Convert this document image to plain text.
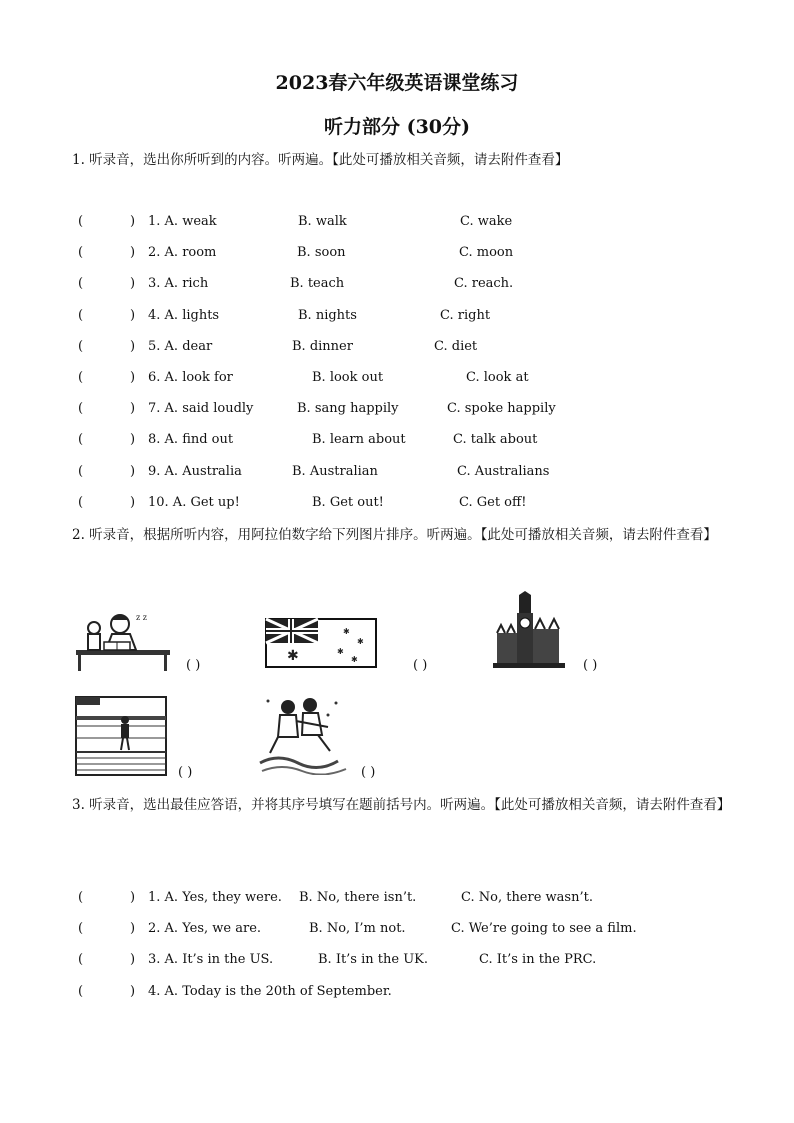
2023春六年级英语课堂练习
听力部分 (30分)
1. 听录音，选出你所听到的内容。听两遍。【此处可播放相关音频，请去附件查看】
(	) 1. A. weak	B. walk	C. wake
(	) 2. A. room	B. soon	C. moon
(	) 3. A. rich	B. teach	C. reach.
(	) 4. A. lights	B. nights	C. right
(	) 5. A. dear	B. dinner	C. diet
(	) 6. A. look for	B. look out	C. look at
(	) 7. A. said loudly	B. sang happily	C. spoke happily
(	) 8. A. find out	B. learn about	C. talk about
(	) 9. A. Australia	B. Australian	C. Australians
(	) 10. A. Get up!	B. Get out!	C. Get off!
2. 听录音，根据所听内容，用阿拉伯数字给下列图片排序。听两遍。【此处可播放相关音频，请去附件查看】
z z
( )
✱
✱
✱
✱
✱	( )	( )
( )	( )
3. 听录音，选出最佳应答语，并将其序号填写在题前括号内。听两遍。【此处可播放相关音频，请去附件查看】
(	) 1. A. Yes, they were. B. No, there isn’t.	C. No, there wasn’t.
(	) 2. A. Yes, we are.	B. No, I’m not.	C. We’re going to see a film.
(	) 3. A. It’s in the US.	B. It’s in the UK.	C. It’s in the PRC.
(	) 4. A. Today is the 20th of September.
